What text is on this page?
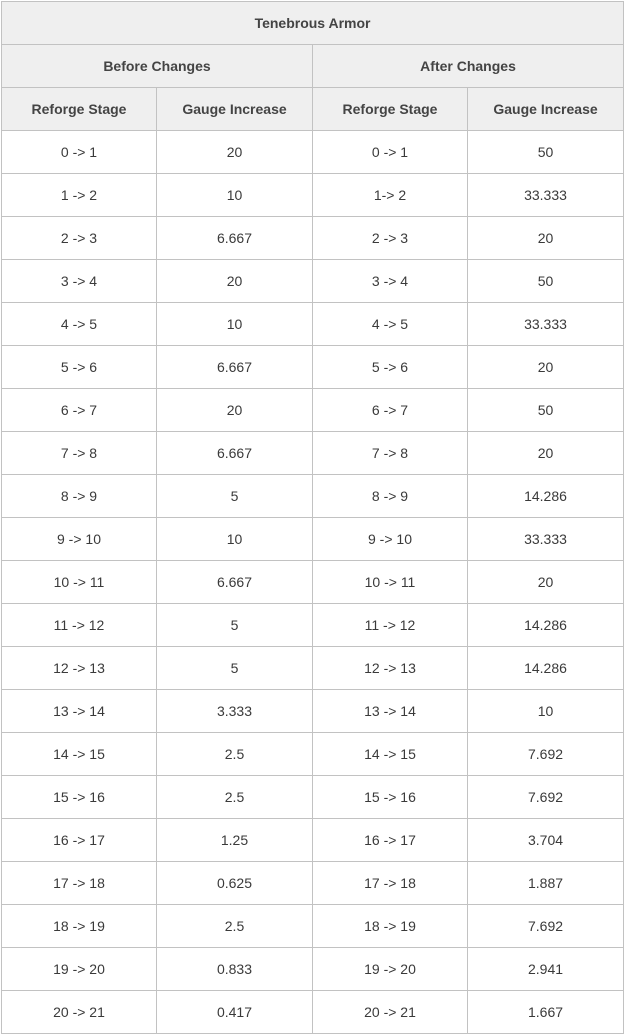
Tenebrous Armor			
Before Changes		After Changes	
Reforge Stage	Gauge Increase	Reforge Stage	Gauge Increase
0 -> 1	20	0 -> 1	50
1 -> 2	10	1-> 2	33.333
2 -> 3	6.667	2 -> 3	20
3 -> 4	20	3 -> 4	50
4 -> 5	10	4 -> 5	33.333
5 -> 6	6.667	5 -> 6	20
6 -> 7	20	6 -> 7	50
7 -> 8	6.667	7 -> 8	20
8 -> 9	5	8 -> 9	14.286
9 -> 10	10	9 -> 10	33.333
10 -> 11	6.667	10 -> 11	20
11 -> 12	5	11 -> 12	14.286
12 -> 13	5	12 -> 13	14.286
13 -> 14	3.333	13 -> 14	10
14 -> 15	2.5	14 -> 15	7.692
15 -> 16	2.5	15 -> 16	7.692
16 -> 17	1.25	16 -> 17	3.704
17 -> 18	0.625	17 -> 18	1.887
18 -> 19	2.5	18 -> 19	7.692
19 -> 20	0.833	19 -> 20	2.941
20 -> 21	0.417	20 -> 21	1.667
